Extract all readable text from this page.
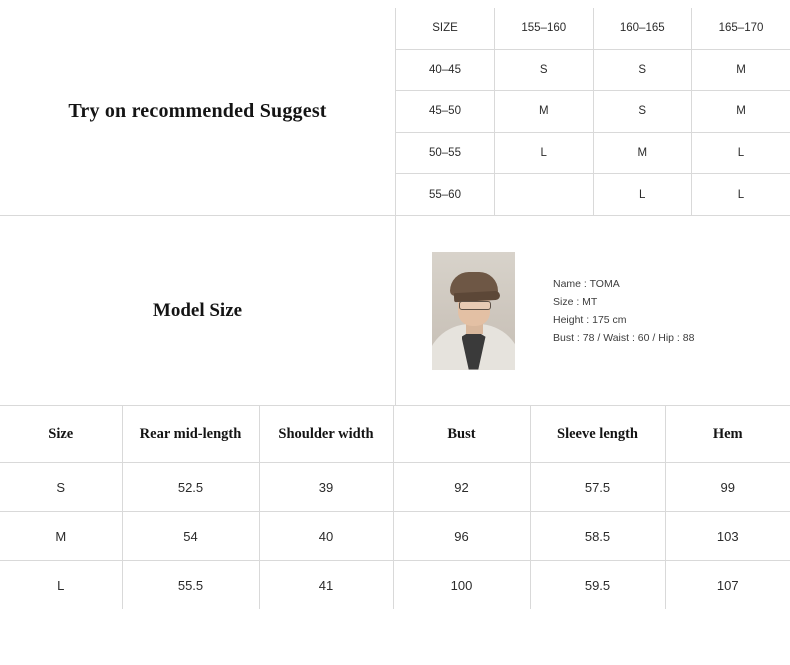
Try on recommended Suggest
SIZE	155–160	160–165	165–170
40–45	S	S	M
45–50	M	S	M
50–55	L	M	L
55–60		L	L
Model Size
Name : TOMA
Size : MT
Height : 175 cm
Bust : 78 / Waist : 60 / Hip : 88
Size	Rear mid-length	Shoulder width	Bust	Sleeve length	Hem
S	52.5	39	92	57.5	99
M	54	40	96	58.5	103
L	55.5	41	100	59.5	107
